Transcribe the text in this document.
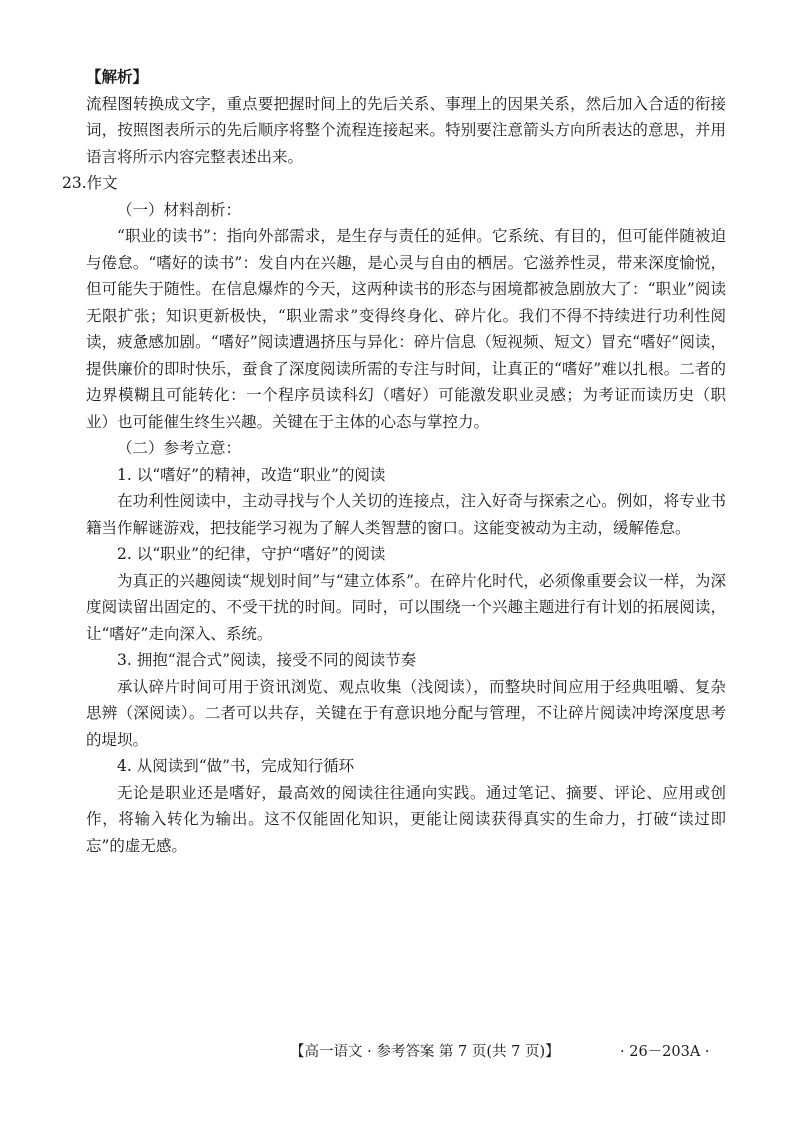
【解析】

流程图转换成文字，重点要把握时间上的先后关系、事理上的因果关系，然后加入合适的衔接词，按照图表所示的先后顺序将整个流程连接起来。特别要注意箭头方向所表达的意思，并用语言将所示内容完整表述出来。

23.作文

（一）材料剖析：

“职业的读书”：指向外部需求，是生存与责任的延伸。它系统、有目的，但可能伴随被迫与倦怠。“嗜好的读书”：发自内在兴趣，是心灵与自由的栖居。它滋养性灵，带来深度愉悦，但可能失于随性。在信息爆炸的今天，这两种读书的形态与困境都被急剧放大了：“职业”阅读无限扩张；知识更新极快，“职业需求”变得终身化、碎片化。我们不得不持续进行功利性阅读，疲惫感加剧。“嗜好”阅读遭遇挤压与异化：碎片信息（短视频、短文）冒充“嗜好”阅读，提供廉价的即时快乐，蚕食了深度阅读所需的专注与时间，让真正的“嗜好”难以扎根。二者的边界模糊且可能转化：一个程序员读科幻（嗜好）可能激发职业灵感；为考证而读历史（职业）也可能催生终生兴趣。关键在于主体的心态与掌控力。

（二）参考立意：

1. 以“嗜好”的精神，改造“职业”的阅读

在功利性阅读中，主动寻找与个人关切的连接点，注入好奇与探索之心。例如，将专业书籍当作解谜游戏，把技能学习视为了解人类智慧的窗口。这能变被动为主动，缓解倦怠。

2. 以“职业”的纪律，守护“嗜好”的阅读

为真正的兴趣阅读“规划时间”与“建立体系”。在碎片化时代，必须像重要会议一样，为深度阅读留出固定的、不受干扰的时间。同时，可以围绕一个兴趣主题进行有计划的拓展阅读，让“嗜好”走向深入、系统。

3. 拥抱“混合式”阅读，接受不同的阅读节奏

承认碎片时间可用于资讯浏览、观点收集（浅阅读），而整块时间应用于经典咀嚼、复杂思辨（深阅读）。二者可以共存，关键在于有意识地分配与管理，不让碎片阅读冲垮深度思考的堤坝。

4. 从阅读到“做”书，完成知行循环

无论是职业还是嗜好，最高效的阅读往往通向实践。通过笔记、摘要、评论、应用或创作，将输入转化为输出。这不仅能固化知识，更能让阅读获得真实的生命力，打破“读过即忘”的虚无感。

【高一语文 · 参考答案 第 7 页(共 7 页)】	· 26－203A ·
